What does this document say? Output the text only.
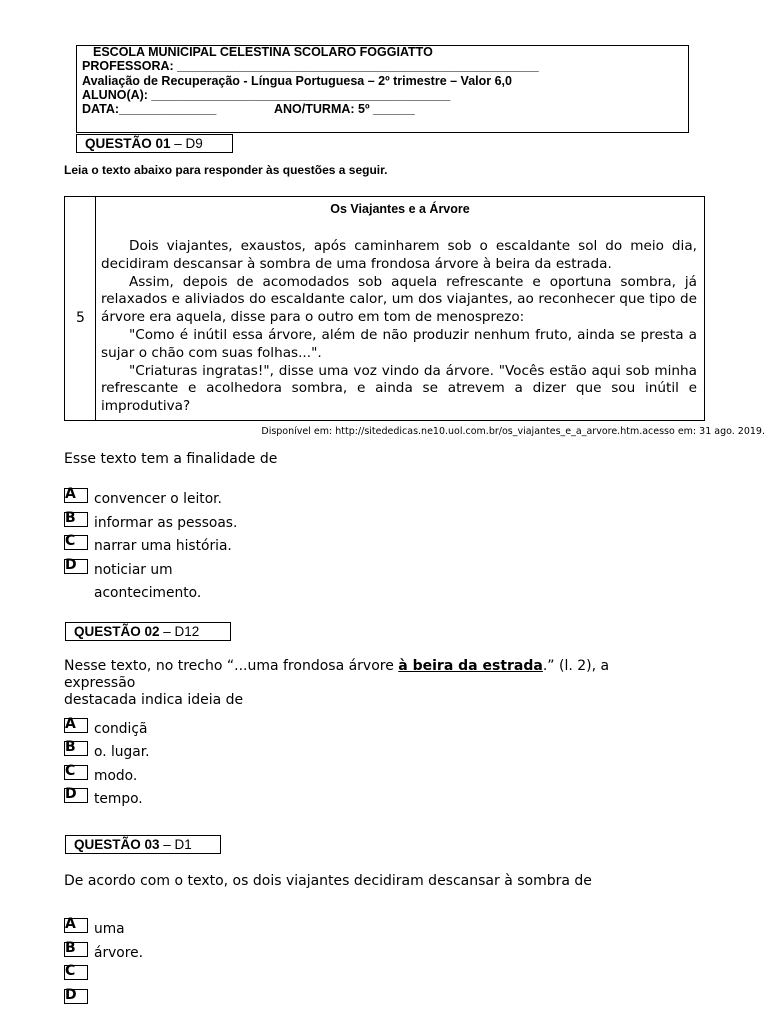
ESCOLA MUNICIPAL CELESTINA SCOLARO FOGGIATTO
PROFESSORA: ____________________________________________________
Avaliação de Recuperação - Língua Portuguesa – 2º trimestre – Valor 6,0
ALUNO(A): ___________________________________________
DATA:______________	ANO/TURMA: 5º ______
QUESTÃO 01 – D9
Leia o texto abaixo para responder às questões a seguir.
5
Os Viajantes e a Árvore

Dois viajantes, exaustos, após caminharem sob o escaldante sol do meio dia, decidiram descansar à sombra de uma frondosa árvore à beira da estrada.

Assim, depois de acomodados sob aquela refrescante e oportuna sombra, já relaxados e aliviados do escaldante calor, um dos viajantes, ao reconhecer que tipo de árvore era aquela, disse para o outro em tom de menosprezo:

"Como é inútil essa árvore, além de não produzir nenhum fruto, ainda se presta a sujar o chão com suas folhas...".

"Criaturas ingratas!", disse uma voz vindo da árvore. "Vocês estão aqui sob minha refrescante e acolhedora sombra, e ainda se atrevem a dizer que sou inútil e improdutiva?

Disponível em: http://sitededicas.ne10.uol.com.br/os_viajantes_e_a_arvore.htm.acesso em: 31 ago. 2019.
Esse texto tem a finalidade de
A convencer o leitor.
B informar as pessoas.
C narrar uma história.
D noticiar um
acontecimento.
QUESTÃO 02 – D12
Nesse texto, no trecho “...uma frondosa árvore à beira da estrada.” (l. 2), a expressão
destacada indica ideia de
A condiçã
B o. lugar.
C modo.
D tempo.
QUESTÃO 03 – D1
De acordo com o texto, os dois viajantes decidiram descansar à sombra de
A uma
B árvore.
C
D
